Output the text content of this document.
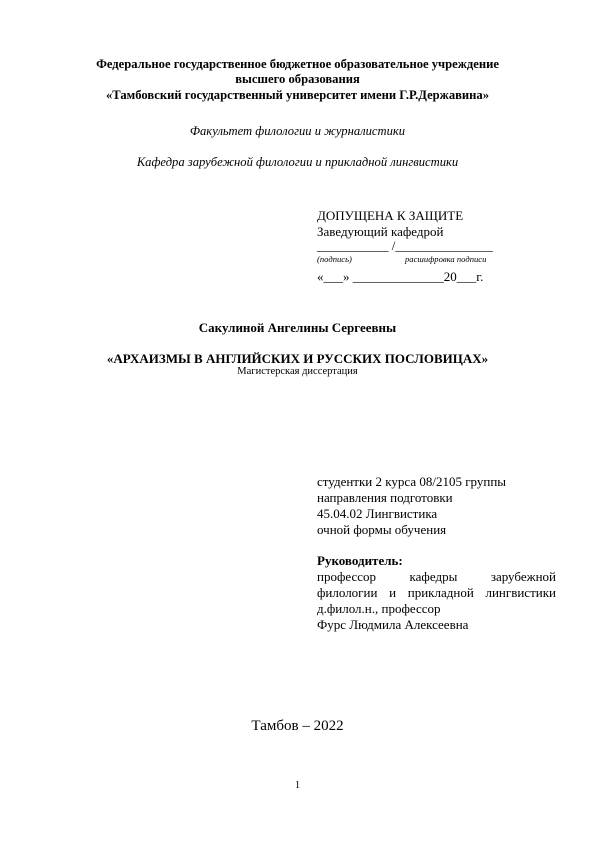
Федеральное государственное бюджетное образовательное учреждение
высшего образования
«Тамбовский государственный университет имени Г.Р.Державина»
Факультет филологии и журналистики
Кафедра зарубежной филологии и прикладной лингвистики
ДОПУЩЕНА К ЗАЩИТЕ
Заведующий кафедрой
___________ /_______________
(подпись)	расшифровка подписи
«___» ______________20___г.
Сакулиной Ангелины Сергеевны
«АРХАИЗМЫ В АНГЛИЙСКИХ И РУССКИХ ПОСЛОВИЦАХ»
Магистерская диссертация
студентки 2 курса 08/2105 группы
направления подготовки
45.04.02 Лингвистика
очной формы обучения
Руководитель:
профессор кафедры зарубежной
филологии и прикладной лингвистики
д.филол.н., профессор
Фурс Людмила Алексеевна
Тамбов – 2022
1
